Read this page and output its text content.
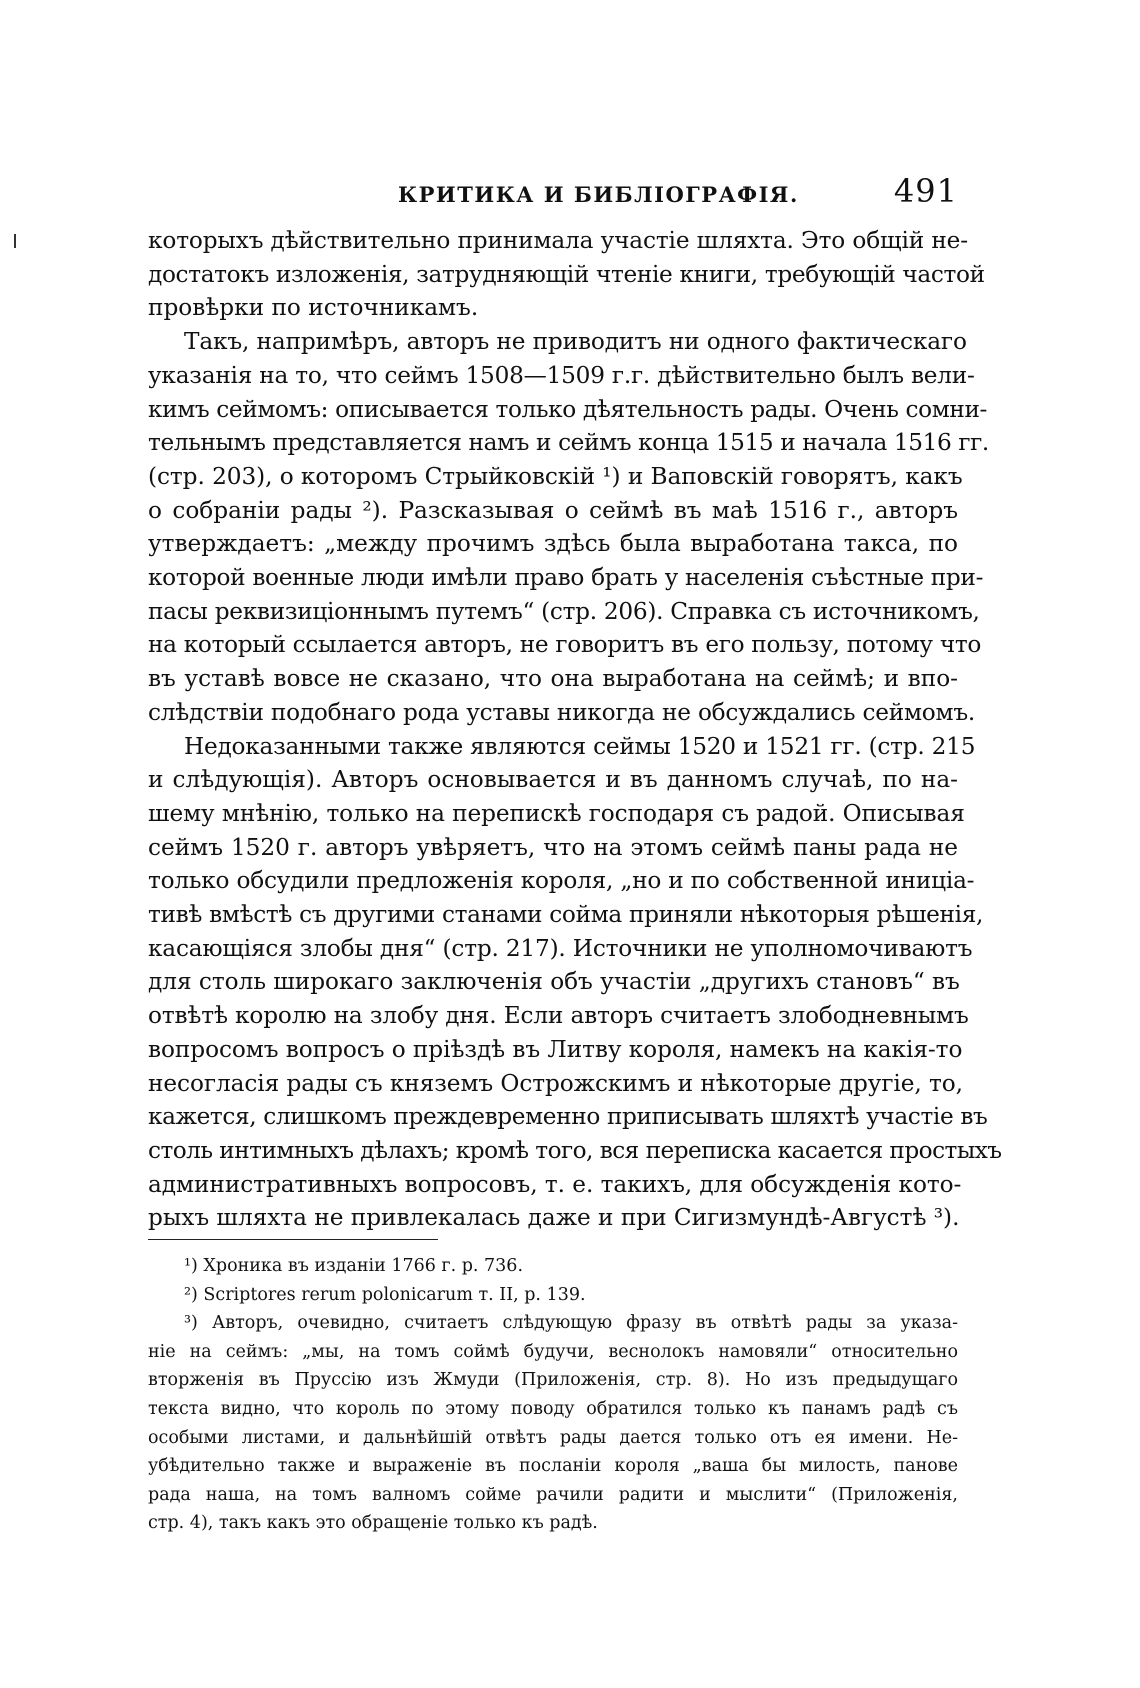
КРИТИКА И БИБЛІОГРАФІЯ.	491
которыхъ дѣйствительно принимала участіе шляхта. Это общій не-
достатокъ изложенія, затрудняющій чтеніе книги, требующій частой
провѣрки по источникамъ.
Такъ, напримѣръ, авторъ не приводитъ ни одного фактическаго
указанія на то, что сеймъ 1508—1509 г.г. дѣйствительно былъ вели-
кимъ сеймомъ: описывается только дѣятельность рады. Очень сомни-
тельнымъ представляется намъ и сеймъ конца 1515 и начала 1516 гг.
(стр. 203), о которомъ Стрыйковскій ¹) и Ваповскій говорятъ, какъ
о собраніи рады ²). Разсказывая о сеймѣ въ маѣ 1516 г., авторъ
утверждаетъ: „между прочимъ здѣсь была выработана такса, по
которой военные люди имѣли право брать у населенія съѣстные при-
пасы реквизиціоннымъ путемъ“ (стр. 206). Справка съ источникомъ,
на который ссылается авторъ, не говоритъ въ его пользу, потому что
въ уставѣ вовсе не сказано, что она выработана на сеймѣ; и впо-
слѣдствіи подобнаго рода уставы никогда не обсуждались сеймомъ.
Недоказанными также являются сеймы 1520 и 1521 гг. (стр. 215
и слѣдующія). Авторъ основывается и въ данномъ случаѣ, по на-
шему мнѣнію, только на перепискѣ господаря съ радой. Описывая
сеймъ 1520 г. авторъ увѣряетъ, что на этомъ сеймѣ паны рада не
только обсудили предложенія короля, „но и по собственной иниціа-
тивѣ вмѣстѣ съ другими станами сойма приняли нѣкоторыя рѣшенія,
касающіяся злобы дня“ (стр. 217). Источники не уполномочиваютъ
для столь широкаго заключенія объ участіи „другихъ становъ“ въ
отвѣтѣ королю на злобу дня. Если авторъ считаетъ злободневнымъ
вопросомъ вопросъ о пріѣздѣ въ Литву короля, намекъ на какія-то
несогласія рады съ княземъ Острожскимъ и нѣкоторые другіе, то,
кажется, слишкомъ преждевременно приписывать шляхтѣ участіе въ
столь интимныхъ дѣлахъ; кромѣ того, вся переписка касается простыхъ
административныхъ вопросовъ, т. е. такихъ, для обсужденія кото-
рыхъ шляхта не привлекалась даже и при Сигизмундѣ-Августѣ ³).
¹) Хроника въ изданіи 1766 г. р. 736.
²) Scriptores rerum polonicarum т. II, р. 139.
³) Авторъ, очевидно, считаетъ слѣдующую фразу въ отвѣтѣ рады за указа-
ніе на сеймъ: „мы, на томъ соймѣ будучи, веснолокъ намовяли“ относительно
вторженія въ Пруссію изъ Жмуди (Приложенія, стр. 8). Но изъ предыдущаго
текста видно, что король по этому поводу обратился только къ панамъ радѣ съ
особыми листами, и дальнѣйшій отвѣтъ рады дается только отъ ея имени. Не-
убѣдительно также и выраженіе въ посланіи короля „ваша бы милость, панове
рада наша, на томъ валномъ сойме рачили радити и мыслити“ (Приложенія,
стр. 4), такъ какъ это обращеніе только къ радѣ.
